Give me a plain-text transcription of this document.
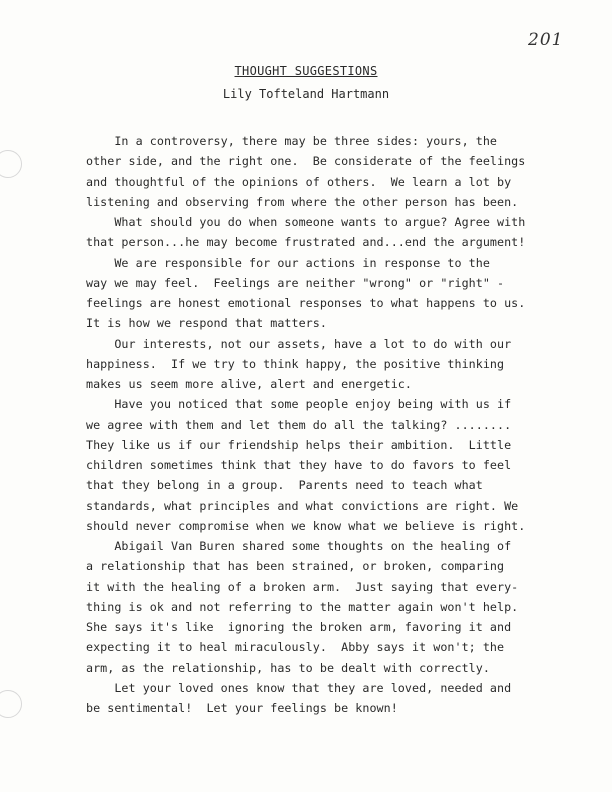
201
THOUGHT SUGGESTIONS
Lily Tofteland Hartmann
In a controversy, there may be three sides: yours, the
other side, and the right one.  Be considerate of the feelings
and thoughtful of the opinions of others.  We learn a lot by
listening and observing from where the other person has been.
What should you do when someone wants to argue? Agree with
that person...he may become frustrated and...end the argument!
We are responsible for our actions in response to the
way we may feel.  Feelings are neither "wrong" or "right" -
feelings are honest emotional responses to what happens to us.
It is how we respond that matters.
Our interests, not our assets, have a lot to do with our
happiness.  If we try to think happy, the positive thinking
makes us seem more alive, alert and energetic.
Have you noticed that some people enjoy being with us if
we agree with them and let them do all the talking? ........
They like us if our friendship helps their ambition.  Little
children sometimes think that they have to do favors to feel
that they belong in a group.  Parents need to teach what
standards, what principles and what convictions are right. We
should never compromise when we know what we believe is right.
Abigail Van Buren shared some thoughts on the healing of
a relationship that has been strained, or broken, comparing
it with the healing of a broken arm.  Just saying that every-
thing is ok and not referring to the matter again won't help.
She says it's like  ignoring the broken arm, favoring it and
expecting it to heal miraculously.  Abby says it won't; the
arm, as the relationship, has to be dealt with correctly.
Let your loved ones know that they are loved, needed and
be sentimental!  Let your feelings be known!
